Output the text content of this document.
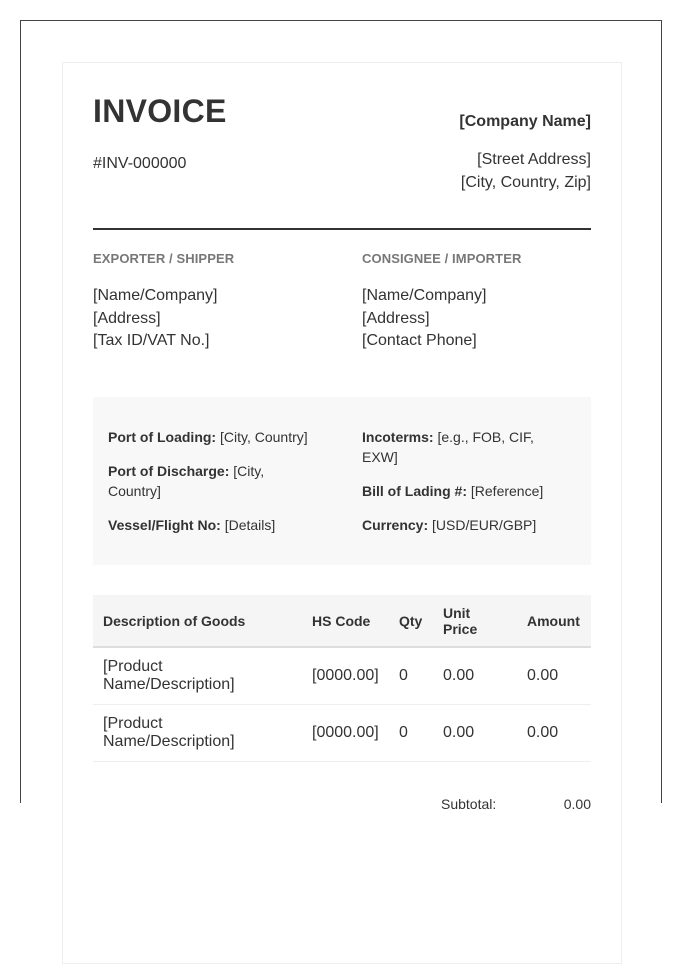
INVOICE
#INV-000000
[Company Name]
[Street Address]
[City, Country, Zip]
EXPORTER / SHIPPER
[Name/Company]
[Address]
[Tax ID/VAT No.]
CONSIGNEE / IMPORTER
[Name/Company]
[Address]
[Contact Phone]
Port of Loading: [City, Country]
Port of Discharge: [City, Country]
Vessel/Flight No: [Details]
Incoterms: [e.g., FOB, CIF, EXW]
Bill of Lading #: [Reference]
Currency: [USD/EUR/GBP]
Description of Goods	HS Code	Qty	Unit Price	Amount
[Product Name/Description]	[0000.00]	0	0.00	0.00
[Product Name/Description]	[0000.00]	0	0.00	0.00
Subtotal:	0.00
